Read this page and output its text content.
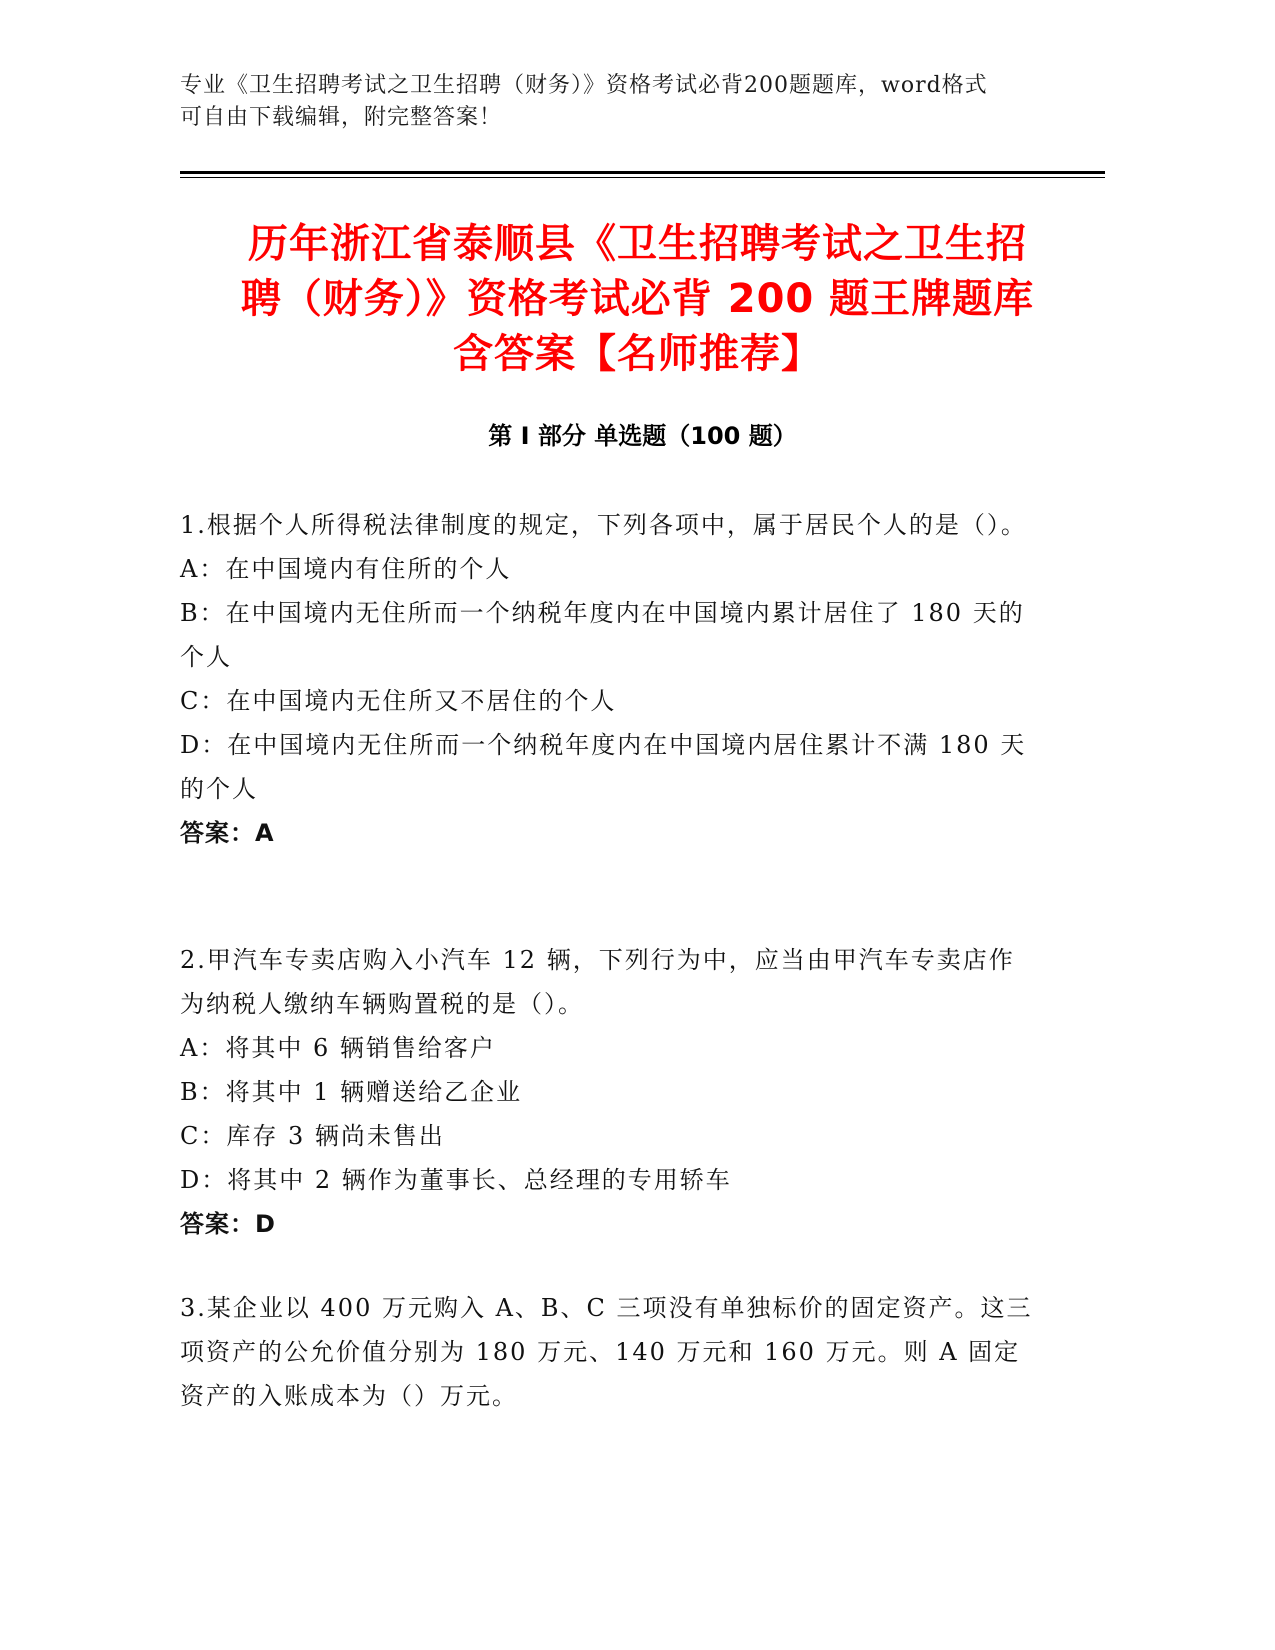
专业《卫生招聘考试之卫生招聘（财务）》资格考试必背200题题库，word格式
可自由下载编辑，附完整答案！
历年浙江省泰顺县《卫生招聘考试之卫生招
聘（财务）》资格考试必背 200 题王牌题库
含答案【名师推荐】
第 I 部分 单选题（100 题）

1.根据个人所得税法律制度的规定，下列各项中，属于居民个人的是（）。

A：在中国境内有住所的个人

B：在中国境内无住所而一个纳税年度内在中国境内累计居住了 180 天的个人

C：在中国境内无住所又不居住的个人

D：在中国境内无住所而一个纳税年度内在中国境内居住累计不满 180 天的个人

答案：A

2.甲汽车专卖店购入小汽车 12 辆，下列行为中，应当由甲汽车专卖店作为纳税人缴纳车辆购置税的是（）。

A：将其中 6 辆销售给客户

B：将其中 1 辆赠送给乙企业

C：库存 3 辆尚未售出

D：将其中 2 辆作为董事长、总经理的专用轿车

答案：D

3.某企业以 400 万元购入 A、B、C 三项没有单独标价的固定资产。这三项资产的公允价值分别为 180 万元、140 万元和 160 万元。则 A 固定资产的入账成本为（）万元。
